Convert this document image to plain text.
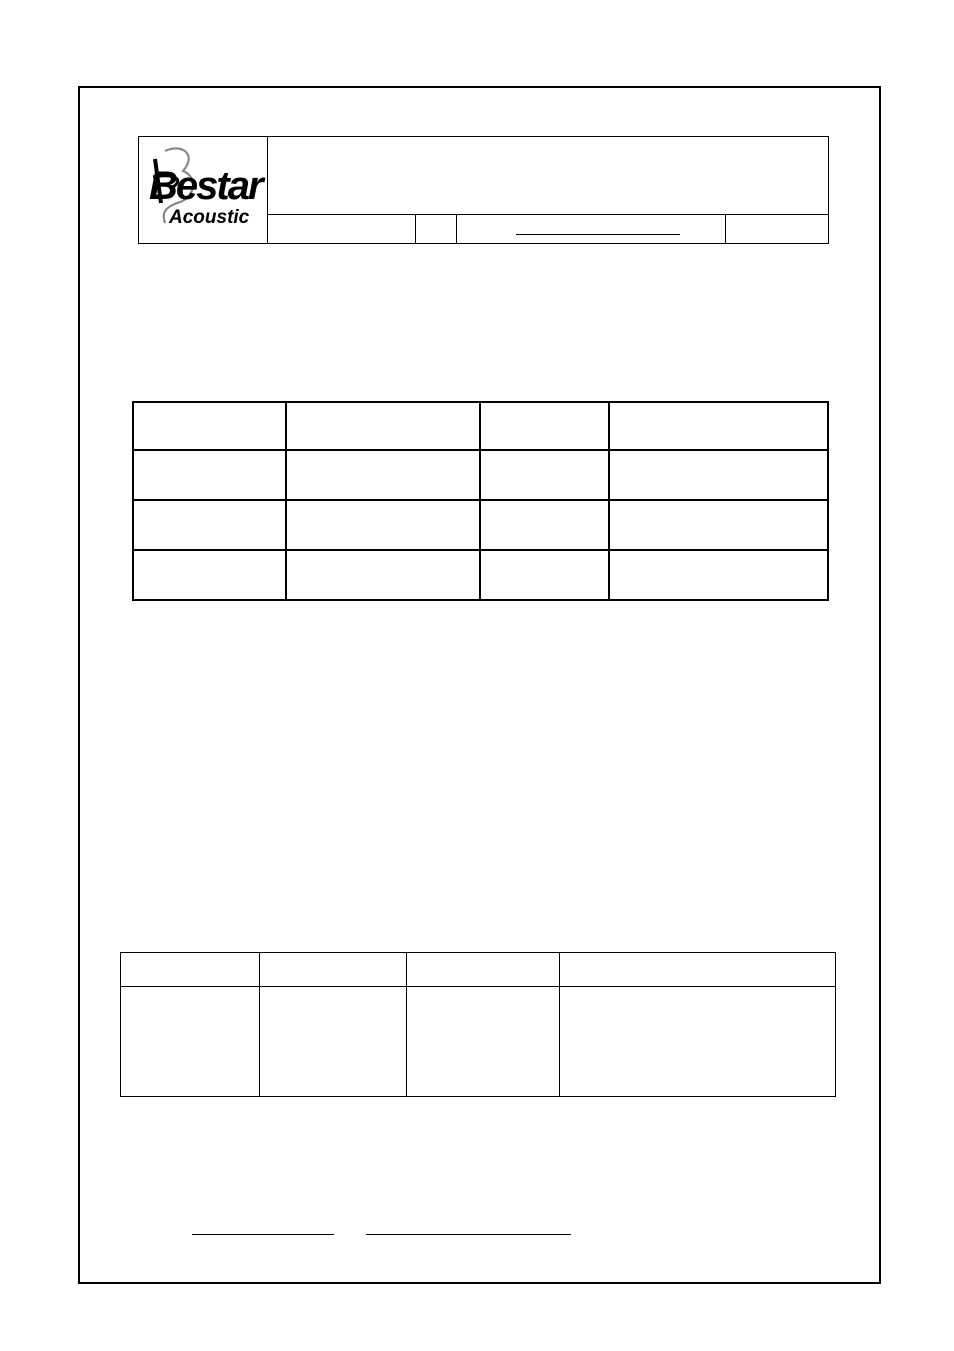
Bestar
Acoustic
